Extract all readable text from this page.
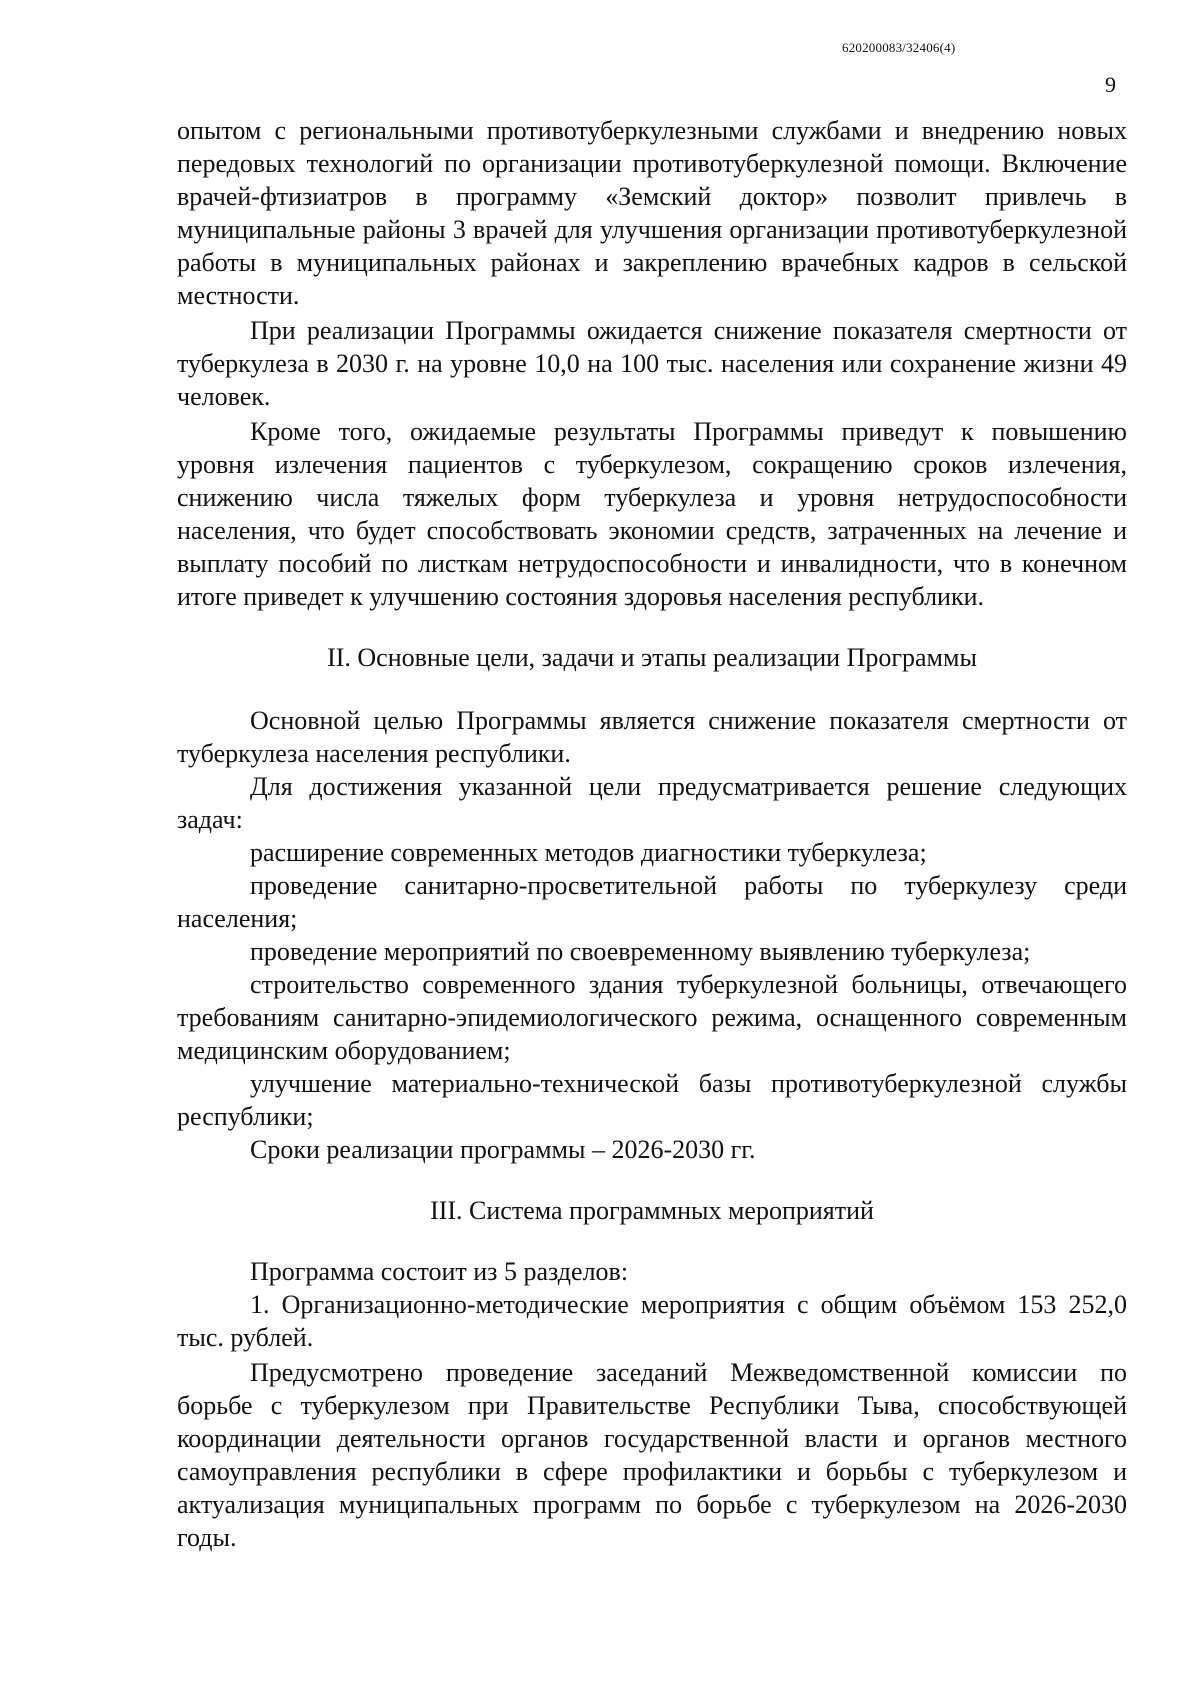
620200083/32406(4)
9

опытом с региональными противотуберкулезными службами и внедрению новых передовых технологий по организации противотуберкулезной помощи. Включение врачей-фтизиатров в программу «Земский доктор» позволит привлечь в муниципальные районы 3 врачей для улучшения организации противотуберкулезной работы в муниципальных районах и закреплению врачебных кадров в сельской местности.

При реализации Программы ожидается снижение показателя смертности от туберкулеза в 2030 г. на уровне 10,0 на 100 тыс. населения или сохранение жизни 49 человек.

Кроме того, ожидаемые результаты Программы приведут к повышению уровня излечения пациентов с туберкулезом, сокращению сроков излечения, снижению числа тяжелых форм туберкулеза и уровня нетрудоспособности населения, что будет способствовать экономии средств, затраченных на лечение и выплату пособий по листкам нетрудоспособности и инвалидности, что в конечном итоге приведет к улучшению состояния здоровья населения республики.

II. Основные цели, задачи и этапы реализации Программы

Основной целью Программы является снижение показателя смертности от туберкулеза населения республики.

Для достижения указанной цели предусматривается решение следующих задач:

расширение современных методов диагностики туберкулеза;

проведение санитарно-просветительной работы по туберкулезу среди населения;

проведение мероприятий по своевременному выявлению туберкулеза;

строительство современного здания туберкулезной больницы, отвечающего требованиям санитарно-эпидемиологического режима, оснащенного современным медицинским оборудованием;

улучшение материально-технической базы противотуберкулезной службы республики;

Сроки реализации программы – 2026-2030 гг.

III. Система программных мероприятий

Программа состоит из 5 разделов:

1. Организационно-методические мероприятия с общим объёмом 153 252,0 тыс. рублей.

Предусмотрено проведение заседаний Межведомственной комиссии по борьбе с туберкулезом при Правительстве Республики Тыва, способствующей координации деятельности органов государственной власти и органов местного самоуправления республики в сфере профилактики и борьбы с туберкулезом и актуализация муниципальных программ по борьбе с туберкулезом на 2026-2030 годы.
